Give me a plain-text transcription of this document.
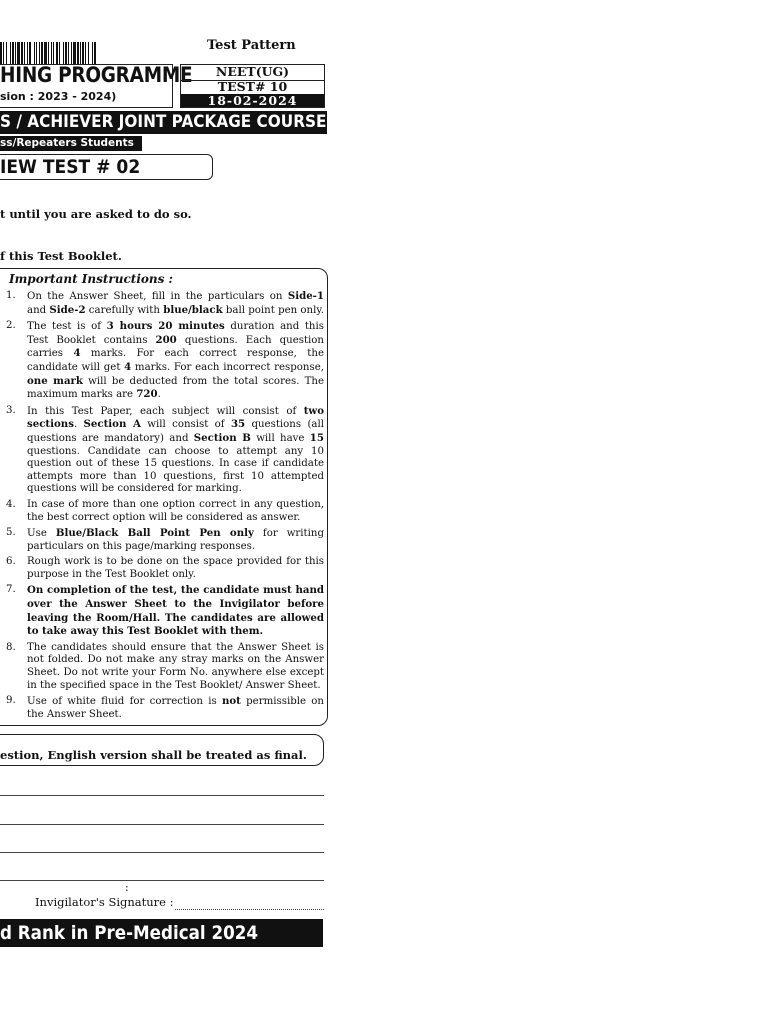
Test Pattern
HING PROGRAMME
sion : 2023 - 2024)
NEET(UG)
TEST# 10
18-02-2024
S / ACHIEVER JOINT PACKAGE COURSE
ss/Repeaters Students
IEW TEST # 02
t until you are asked to do so.
f this Test Booklet.
Important Instructions :
1.	On the Answer Sheet, fill in the particulars on Side-1 and Side-2 carefully with blue/black ball point pen only.
2.	The test is of 3 hours 20 minutes duration and this Test Booklet contains 200 questions. Each question carries 4 marks. For each correct response, the candidate will get 4 marks. For each incorrect response, one mark will be deducted from the total scores. The maximum marks are 720.
3.	In this Test Paper, each subject will consist of two sections. Section A will consist of 35 questions (all questions are mandatory) and Section B will have 15 questions. Candidate can choose to attempt any 10 question out of these 15 questions. In case if candidate attempts more than 10 questions, first 10 attempted questions will be considered for marking.
4.	In case of more than one option correct in any question, the best correct option will be considered as answer.
5.	Use Blue/Black Ball Point Pen only for writing particulars on this page/marking responses.
6.	Rough work is to be done on the space provided for this purpose in the Test Booklet only.
7.	On completion of the test, the candidate must hand over the Answer Sheet to the Invigilator before leaving the Room/Hall. The candidates are allowed to take away this Test Booklet with them.
8.	The candidates should ensure that the Answer Sheet is not folded. Do not make any stray marks on the Answer Sheet. Do not write your Form No. anywhere else except in the specified space in the Test Booklet/ Answer Sheet.
9.	Use of white fluid for correction is not permissible on the Answer Sheet.
estion, English version shall be treated as final.
:
Invigilator's Signature :
d Rank in Pre-Medical 2024
